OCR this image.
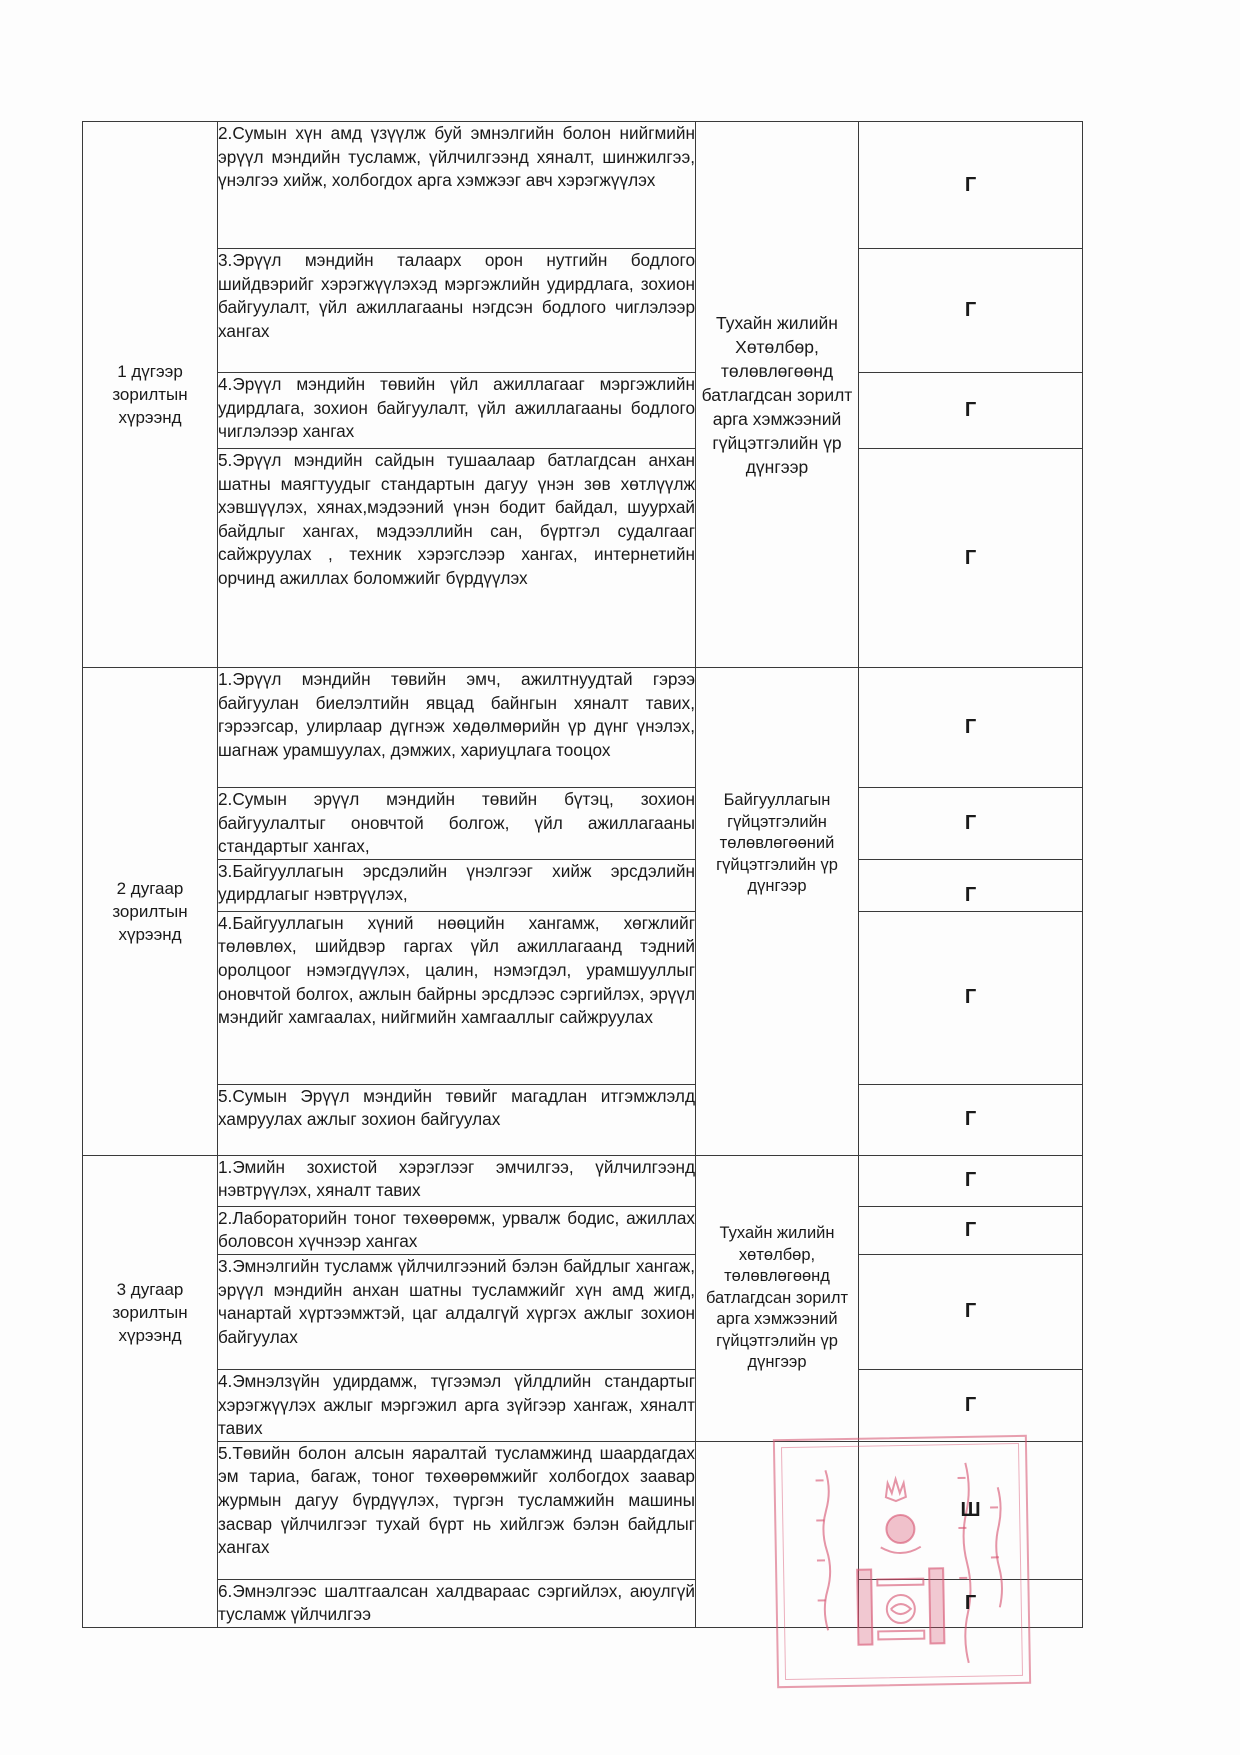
1 дүгээр зорилтын хүрээнд	2.Сумын хүн амд үзүүлж буй эмнэлгийн болон нийгмийн эрүүл мэндийн тусламж, үйлчилгээнд хяналт, шинжилгээ, үнэлгээ хийж, холбогдох арга хэмжээг авч хэрэгжүүлэх	Тухайн жилийн Хөтөлбөр, төлөвлөгөөнд батлагдсан зорилт арга хэмжээний гүйцэтгэлийн үр дүнгээр	Г
	3.Эрүүл мэндийн талаарх орон нутгийн бодлого шийдвэрийг хэрэгжүүлэхэд мэргэжлийн удирдлага, зохион байгуулалт, үйл ажиллагааны нэгдсэн бодлого чиглэлээр хангах		Г
	4.Эрүүл мэндийн төвийн үйл ажиллагааг мэргэжлийн удирдлага, зохион байгуулалт, үйл ажиллагааны бодлого чиглэлээр хангах		Г
	5.Эрүүл мэндийн сайдын тушаалаар батлагдсан анхан шатны маягтуудыг стандартын дагуу үнэн зөв хөтлүүлж хэвшүүлэх, хянах,мэдээний үнэн бодит байдал, шуурхай байдлыг хангах, мэдээллийн сан, бүртгэл судалгааг сайжруулах , техник хэрэгслээр хангах, интернетийн орчинд ажиллах боломжийг бүрдүүлэх		Г
2 дугаар зорилтын хүрээнд	1.Эрүүл мэндийн төвийн эмч, ажилтнуудтай гэрээ байгуулан биелэлтийн явцад байнгын хяналт тавих, гэрээгсар, улирлаар дүгнэж хөдөлмөрийн үр дүнг үнэлэх, шагнаж урамшуулах, дэмжих, хариуцлага тооцох	Байгууллагын гүйцэтгэлийн төлөвлөгөөний гүйцэтгэлийн үр дүнгээр	Г
	2.Сумын эрүүл мэндийн төвийн бүтэц, зохион байгуулалтыг оновчтой болгож, үйл ажиллагааны стандартыг хангах,		Г
	3.Байгууллагын эрсдэлийн үнэлгээг хийж эрсдэлийн удирдлагыг нэвтрүүлэх,		Г
	4.Байгууллагын хүний нөөцийн хангамж, хөгжлийг төлөвлөх, шийдвэр гаргах үйл ажиллагаанд тэдний оролцоог нэмэгдүүлэх, цалин, нэмэгдэл, урамшууллыг оновчтой болгох, ажлын байрны эрсдлээс сэргийлэх, эрүүл мэндийг хамгаалах, нийгмийн хамгааллыг сайжруулах		Г
	5.Сумын Эрүүл мэндийн төвийг магадлан итгэмжлэлд хамруулах ажлыг зохион байгуулах		Г
3 дугаар зорилтын хүрээнд	1.Эмийн зохистой хэрэглээг эмчилгээ, үйлчилгээнд нэвтрүүлэх, хяналт тавих	Тухайн жилийн хөтөлбөр, төлөвлөгөөнд батлагдсан зорилт арга хэмжээний гүйцэтгэлийн үр дүнгээр	Г
	2.Лабораторийн тоног төхөөрөмж, урвалж бодис, ажиллах боловсон хүчнээр хангах		Г
	3.Эмнэлгийн тусламж үйлчилгээний бэлэн байдлыг хангаж, эрүүл мэндийн анхан шатны тусламжийг хүн амд жигд, чанартай хүртээмжтэй, цаг алдалгүй хүргэх ажлыг зохион байгуулах		Г
	4.Эмнэлзүйн удирдамж, түгээмэл үйлдлийн стандартыг хэрэгжүүлэх ажлыг мэргэжил арга зүйгээр хангаж, хяналт тавих		Г
	5.Төвийн болон алсын яаралтай тусламжинд шаардагдах эм тариа, багаж, тоног төхөөрөмжийг холбогдох заавар журмын дагуу бүрдүүлэх, түргэн тусламжийн машины засвар үйлчилгээг тухай бүрт нь хийлгэж бэлэн байдлыг хангах		Ш
	6.Эмнэлгээс шалтгаалсан халдвараас сэргийлэх, аюулгүй тусламж үйлчилгээ		Г
